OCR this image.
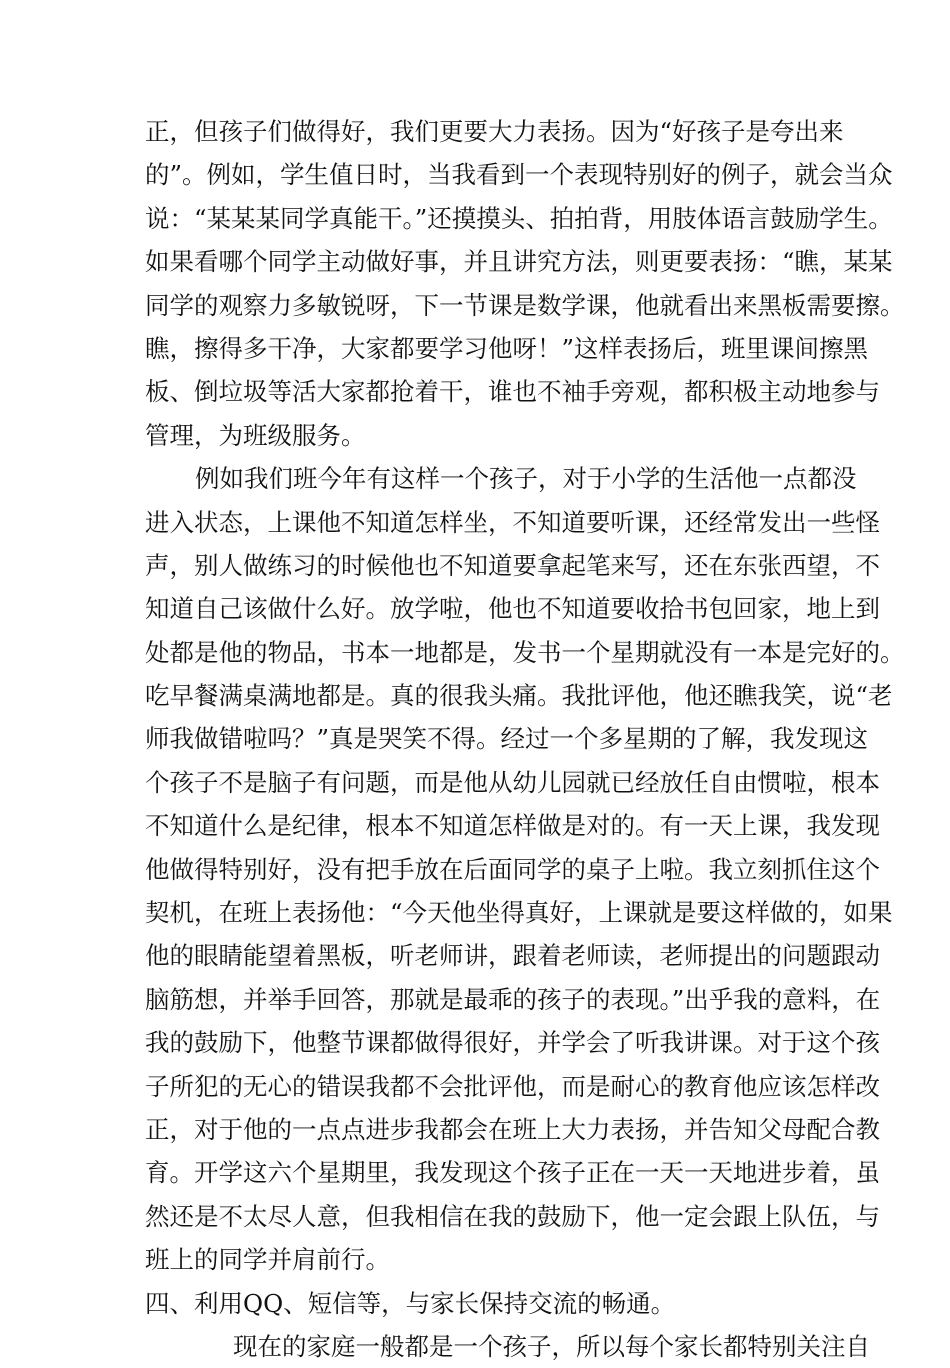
正，但孩子们做得好，我们更要大力表扬。因为“好孩子是夸出来
的”。例如，学生值日时，当我看到一个表现特别好的例子，就会当众
说：“某某某同学真能干。”还摸摸头、拍拍背，用肢体语言鼓励学生。
如果看哪个同学主动做好事，并且讲究方法，则更要表扬：“瞧，某某
同学的观察力多敏锐呀，下一节课是数学课，他就看出来黑板需要擦。
瞧，擦得多干净，大家都要学习他呀！”这样表扬后，班里课间擦黑
板、倒垃圾等活大家都抢着干，谁也不袖手旁观，都积极主动地参与
管理，为班级服务。
例如我们班今年有这样一个孩子，对于小学的生活他一点都没
进入状态，上课他不知道怎样坐，不知道要听课，还经常发出一些怪
声，别人做练习的时候他也不知道要拿起笔来写，还在东张西望，不
知道自己该做什么好。放学啦，他也不知道要收拾书包回家，地上到
处都是他的物品，书本一地都是，发书一个星期就没有一本是完好的。
吃早餐满桌满地都是。真的很我头痛。我批评他，他还瞧我笑，说“老
师我做错啦吗？”真是哭笑不得。经过一个多星期的了解，我发现这
个孩子不是脑子有问题，而是他从幼儿园就已经放任自由惯啦，根本
不知道什么是纪律，根本不知道怎样做是对的。有一天上课，我发现
他做得特别好，没有把手放在后面同学的桌子上啦。我立刻抓住这个
契机，在班上表扬他：“今天他坐得真好，上课就是要这样做的，如果
他的眼睛能望着黑板，听老师讲，跟着老师读，老师提出的问题跟动
脑筋想，并举手回答，那就是最乖的孩子的表现。”出乎我的意料，在
我的鼓励下，他整节课都做得很好，并学会了听我讲课。对于这个孩
子所犯的无心的错误我都不会批评他，而是耐心的教育他应该怎样改
正，对于他的一点点进步我都会在班上大力表扬，并告知父母配合教
育。开学这六个星期里，我发现这个孩子正在一天一天地进步着，虽
然还是不太尽人意，但我相信在我的鼓励下，他一定会跟上队伍，与
班上的同学并肩前行。
四、利用QQ、短信等，与家长保持交流的畅通。
现在的家庭一般都是一个孩子，所以每个家长都特别关注自
